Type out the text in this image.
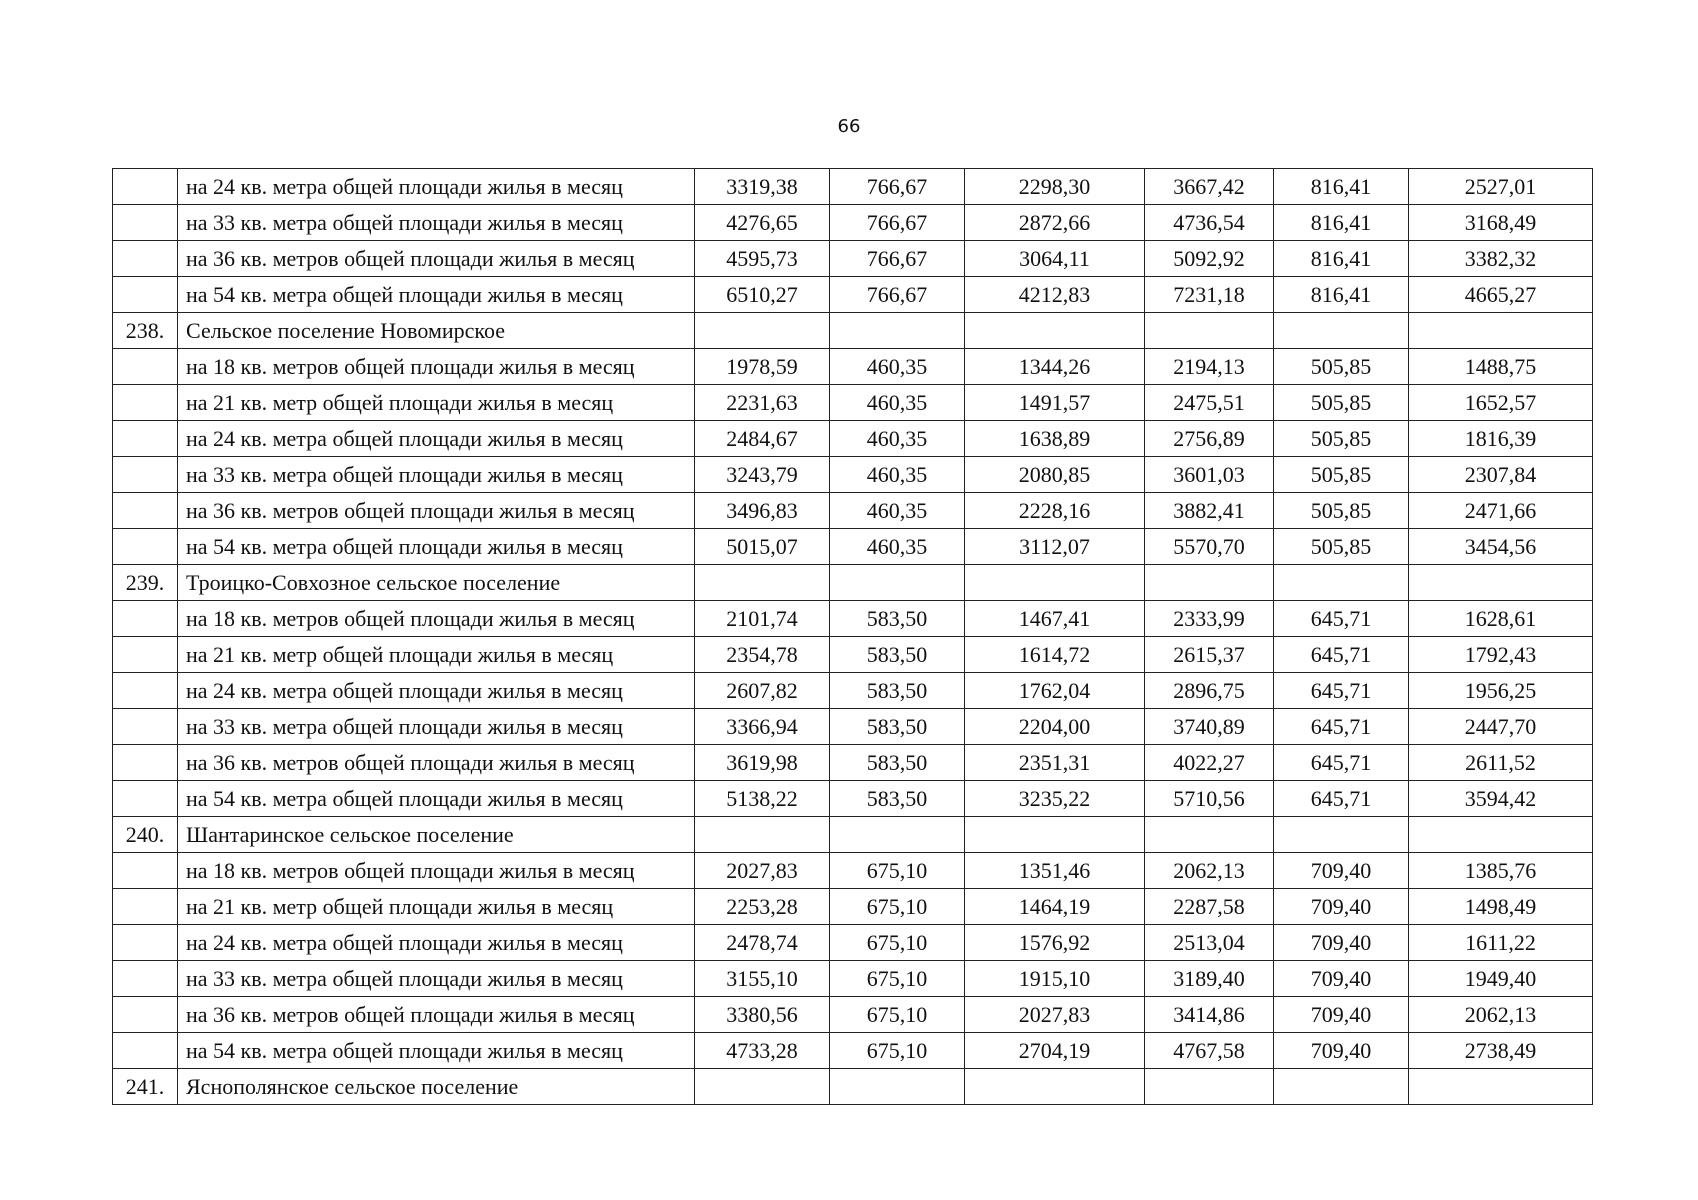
66
	на 24 кв. метра общей площади жилья в месяц	3319,38	766,67	2298,30	3667,42	816,41	2527,01
	на 33 кв. метра общей площади жилья в месяц	4276,65	766,67	2872,66	4736,54	816,41	3168,49
	на 36 кв. метров общей площади жилья в месяц	4595,73	766,67	3064,11	5092,92	816,41	3382,32
	на 54 кв. метра общей площади жилья в месяц	6510,27	766,67	4212,83	7231,18	816,41	4665,27
238.	Сельское поселение Новомирское						
	на 18 кв. метров общей площади жилья в месяц	1978,59	460,35	1344,26	2194,13	505,85	1488,75
	на 21 кв. метр общей площади жилья в месяц	2231,63	460,35	1491,57	2475,51	505,85	1652,57
	на 24 кв. метра общей площади жилья в месяц	2484,67	460,35	1638,89	2756,89	505,85	1816,39
	на 33 кв. метра общей площади жилья в месяц	3243,79	460,35	2080,85	3601,03	505,85	2307,84
	на 36 кв. метров общей площади жилья в месяц	3496,83	460,35	2228,16	3882,41	505,85	2471,66
	на 54 кв. метра общей площади жилья в месяц	5015,07	460,35	3112,07	5570,70	505,85	3454,56
239.	Троицко-Совхозное сельское поселение						
	на 18 кв. метров общей площади жилья в месяц	2101,74	583,50	1467,41	2333,99	645,71	1628,61
	на 21 кв. метр общей площади жилья в месяц	2354,78	583,50	1614,72	2615,37	645,71	1792,43
	на 24 кв. метра общей площади жилья в месяц	2607,82	583,50	1762,04	2896,75	645,71	1956,25
	на 33 кв. метра общей площади жилья в месяц	3366,94	583,50	2204,00	3740,89	645,71	2447,70
	на 36 кв. метров общей площади жилья в месяц	3619,98	583,50	2351,31	4022,27	645,71	2611,52
	на 54 кв. метра общей площади жилья в месяц	5138,22	583,50	3235,22	5710,56	645,71	3594,42
240.	Шантаринское сельское поселение						
	на 18 кв. метров общей площади жилья в месяц	2027,83	675,10	1351,46	2062,13	709,40	1385,76
	на 21 кв. метр общей площади жилья в месяц	2253,28	675,10	1464,19	2287,58	709,40	1498,49
	на 24 кв. метра общей площади жилья в месяц	2478,74	675,10	1576,92	2513,04	709,40	1611,22
	на 33 кв. метра общей площади жилья в месяц	3155,10	675,10	1915,10	3189,40	709,40	1949,40
	на 36 кв. метров общей площади жилья в месяц	3380,56	675,10	2027,83	3414,86	709,40	2062,13
	на 54 кв. метра общей площади жилья в месяц	4733,28	675,10	2704,19	4767,58	709,40	2738,49
241.	Яснополянское сельское поселение						
